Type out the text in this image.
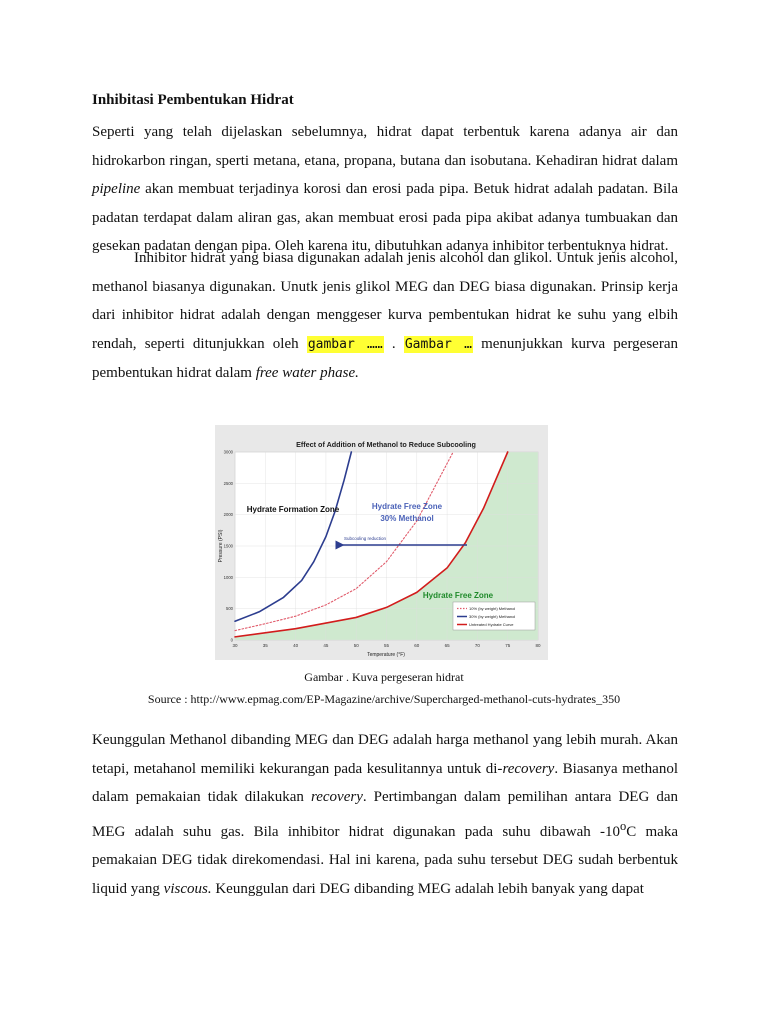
Inhibitasi Pembentukan Hidrat
Seperti yang telah dijelaskan sebelumnya, hidrat dapat terbentuk karena adanya air dan hidrokarbon ringan, sperti metana, etana, propana, butana dan isobutana. Kehadiran hidrat dalam pipeline akan membuat terjadinya korosi dan erosi pada pipa. Betuk hidrat adalah padatan. Bila padatan terdapat dalam aliran gas, akan membuat erosi pada pipa akibat adanya tumbuakan dan gesekan padatan dengan pipa. Oleh karena itu, dibutuhkan adanya inhibitor terbentuknya hidrat.
Inhibitor hidrat yang biasa digunakan adalah jenis alcohol dan glikol. Untuk jenis alcohol, methanol biasanya digunakan. Unutk jenis glikol MEG dan DEG biasa digunakan. Prinsip kerja dari inhibitor hidrat adalah dengan menggeser kurva pembentukan hidrat ke suhu yang elbih rendah, seperti ditunjukkan oleh gambar …… . Gambar … menunjukkan kurva pergeseran pembentukan hidrat dalam free water phase.
30	35	40	45	50	55	60	65	70	75	80
3000
2500
2000
1500
1000
500
0
Effect of Addition of Methanol to Reduce Subcooling
Hydrate Formation Zone	Hydrate Free Zone
30% Methanol
Subcooling reduction
Hydrate Free Zone
10% (by weight) Methanol
30% (by weight) Methanol
Untreated Hydrate Curve
Temperature (°F)
Pressure (PSI)
Gambar . Kuva pergeseran hidrat
Source : http://www.epmag.com/EP-Magazine/archive/Supercharged-methanol-cuts-hydrates_350
Keunggulan Methanol dibanding MEG dan DEG adalah harga methanol yang lebih murah. Akan tetapi, metahanol memiliki kekurangan pada kesulitannya untuk di-recovery. Biasanya methanol dalam pemakaian tidak dilakukan recovery. Pertimbangan dalam pemilihan antara DEG dan MEG adalah suhu gas. Bila inhibitor hidrat digunakan pada suhu dibawah -10$^o$C maka pemakaian DEG tidak direkomendasi. Hal ini karena, pada suhu tersebut DEG sudah berbentuk liquid yang viscous. Keunggulan dari DEG dibanding MEG adalah lebih banyak yang dapat
